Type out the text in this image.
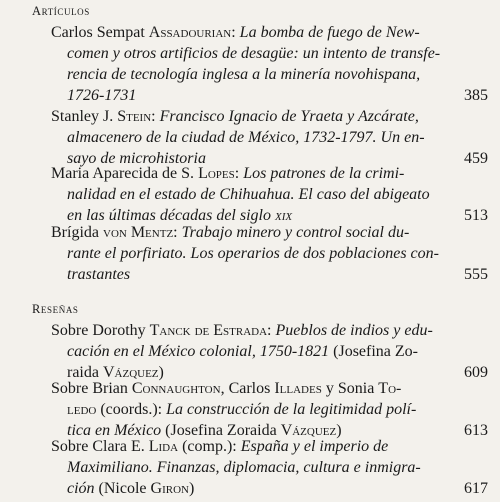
Artículos
Carlos Sempat Assadourian: La bomba de fuego de New-
comen y otros artificios de desagüe: un intento de transfe-
rencia de tecnología inglesa a la minería novohispana,
1726-1731	385
Stanley J. Stein: Francisco Ignacio de Yraeta y Azcárate,
almacenero de la ciudad de México, 1732-1797. Un en-
sayo de microhistoria	459
Maria Aparecida de S. Lopes: Los patrones de la crimi-
nalidad en el estado de Chihuahua. El caso del abigeato
en las últimas décadas del siglo xix	513
Brígida von Mentz: Trabajo minero y control social du-
rante el porfiriato. Los operarios de dos poblaciones con-
trastantes	555
Reseñas
Sobre Dorothy Tanck de Estrada: Pueblos de indios y edu-
cación en el México colonial, 1750-1821 (Josefina Zo-
raida Vázquez)	609
Sobre Brian Connaughton, Carlos Illades y Sonia To-
ledo (coords.): La construcción de la legitimidad polí-
tica en México (Josefina Zoraida Vázquez)	613
Sobre Clara E. Lida (comp.): España y el imperio de
Maximiliano. Finanzas, diplomacia, cultura e inmigra-
ción (Nicole Giron)	617
